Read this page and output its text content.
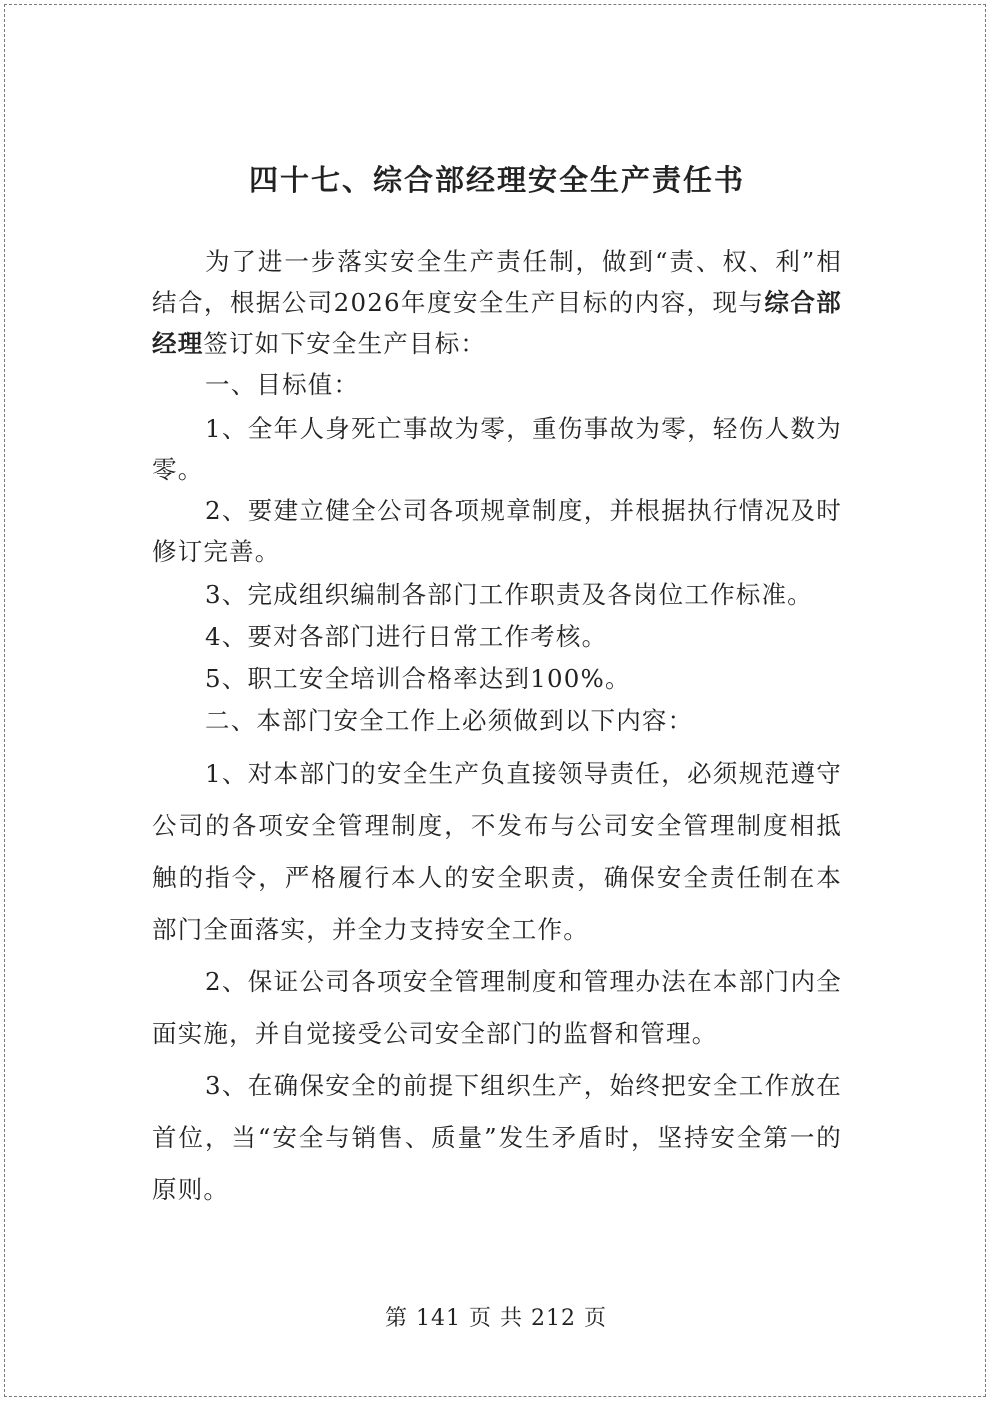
四十七、综合部经理安全生产责任书

为了进一步落实安全生产责任制，做到“责、权、利”相结合，根据公司2026年度安全生产目标的内容，现与综合部经理签订如下安全生产目标：

一、目标值：

1、全年人身死亡事故为零，重伤事故为零，轻伤人数为零。

2、要建立健全公司各项规章制度，并根据执行情况及时修订完善。

3、完成组织编制各部门工作职责及各岗位工作标准。

4、要对各部门进行日常工作考核。

5、职工安全培训合格率达到100%。

二、本部门安全工作上必须做到以下内容：

1、对本部门的安全生产负直接领导责任，必须规范遵守公司的各项安全管理制度，不发布与公司安全管理制度相抵触的指令，严格履行本人的安全职责，确保安全责任制在本部门全面落实，并全力支持安全工作。

2、保证公司各项安全管理制度和管理办法在本部门内全面实施，并自觉接受公司安全部门的监督和管理。

3、在确保安全的前提下组织生产，始终把安全工作放在首位，当“安全与销售、质量”发生矛盾时，坚持安全第一的原则。

第 141 页 共 212 页
